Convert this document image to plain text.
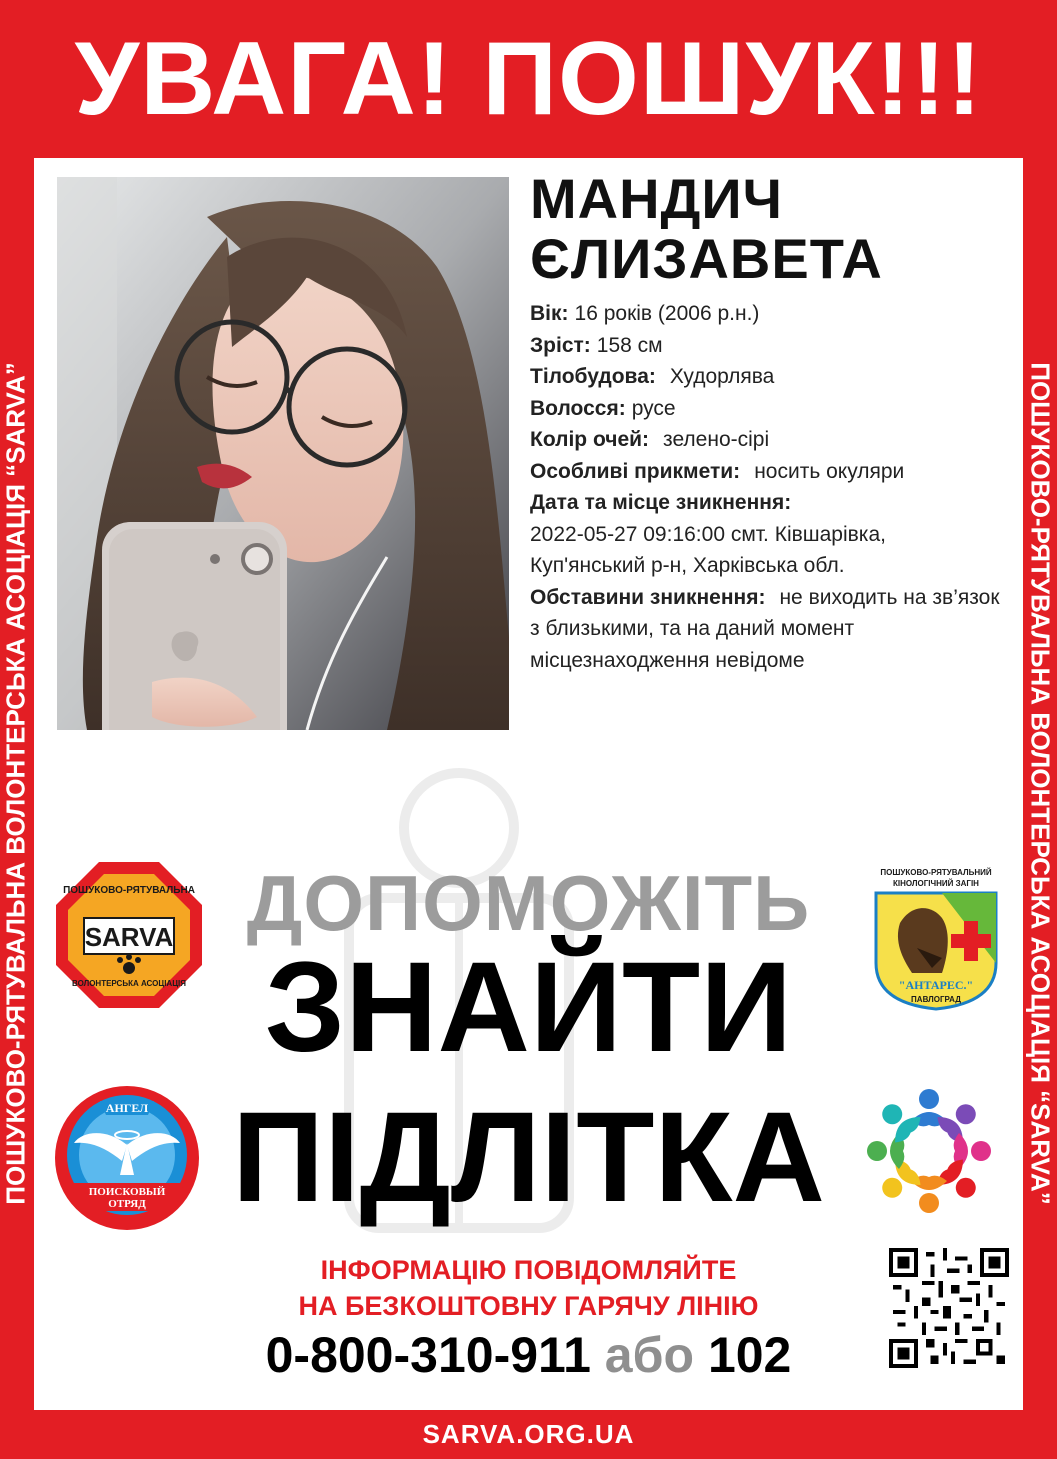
УВАГА! ПОШУК!!!
ПОШУКОВО-РЯТУВАЛЬНА ВОЛОНТЕРСЬКА АСОЦІАЦІЯ “SARVA”	ПОШУКОВО-РЯТУВАЛЬНА ВОЛОНТЕРСЬКА АСОЦІАЦІЯ “SARVA”
МАНДИЧ
ЄЛИЗАВЕТА
Вік: 16 років (2006 р.н.)
Зріст: 158 см
Тілобудова: Худорлява
Волосся: русе
Колір очей: зелено-сірі
Особливі прикмети: носить окуляри
Дата та місце зникнення:
2022-05-27 09:16:00 смт. Ківшарівка,
Куп'янський р-н, Харківська обл.
Обставини зникнення: не виходить на зв’язок з близькими, та на даний момент місцезнаходження невідоме
SARVA
ПОШУКОВО-РЯТУВАЛЬНА
ВОЛОНТЕРСЬКА АСОЦІАЦІЯ
ПОШУКОВО-РЯТУВАЛЬНИЙ
КІНОЛОГІЧНИЙ ЗАГІН
"АНТАРЕС."
ПАВЛОГРАД
АНГЕЛ
ПОИСКОВЫЙ
ОТРЯД
ДОПОМОЖІТЬ
ЗНАЙТИ
ПІДЛІТКА
ІНФОРМАЦІЮ ПОВІДОМЛЯЙТЕ
НА БЕЗКОШТОВНУ ГАРЯЧУ ЛІНІЮ
0-800-310-911 або 102
SARVA.ORG.UA
